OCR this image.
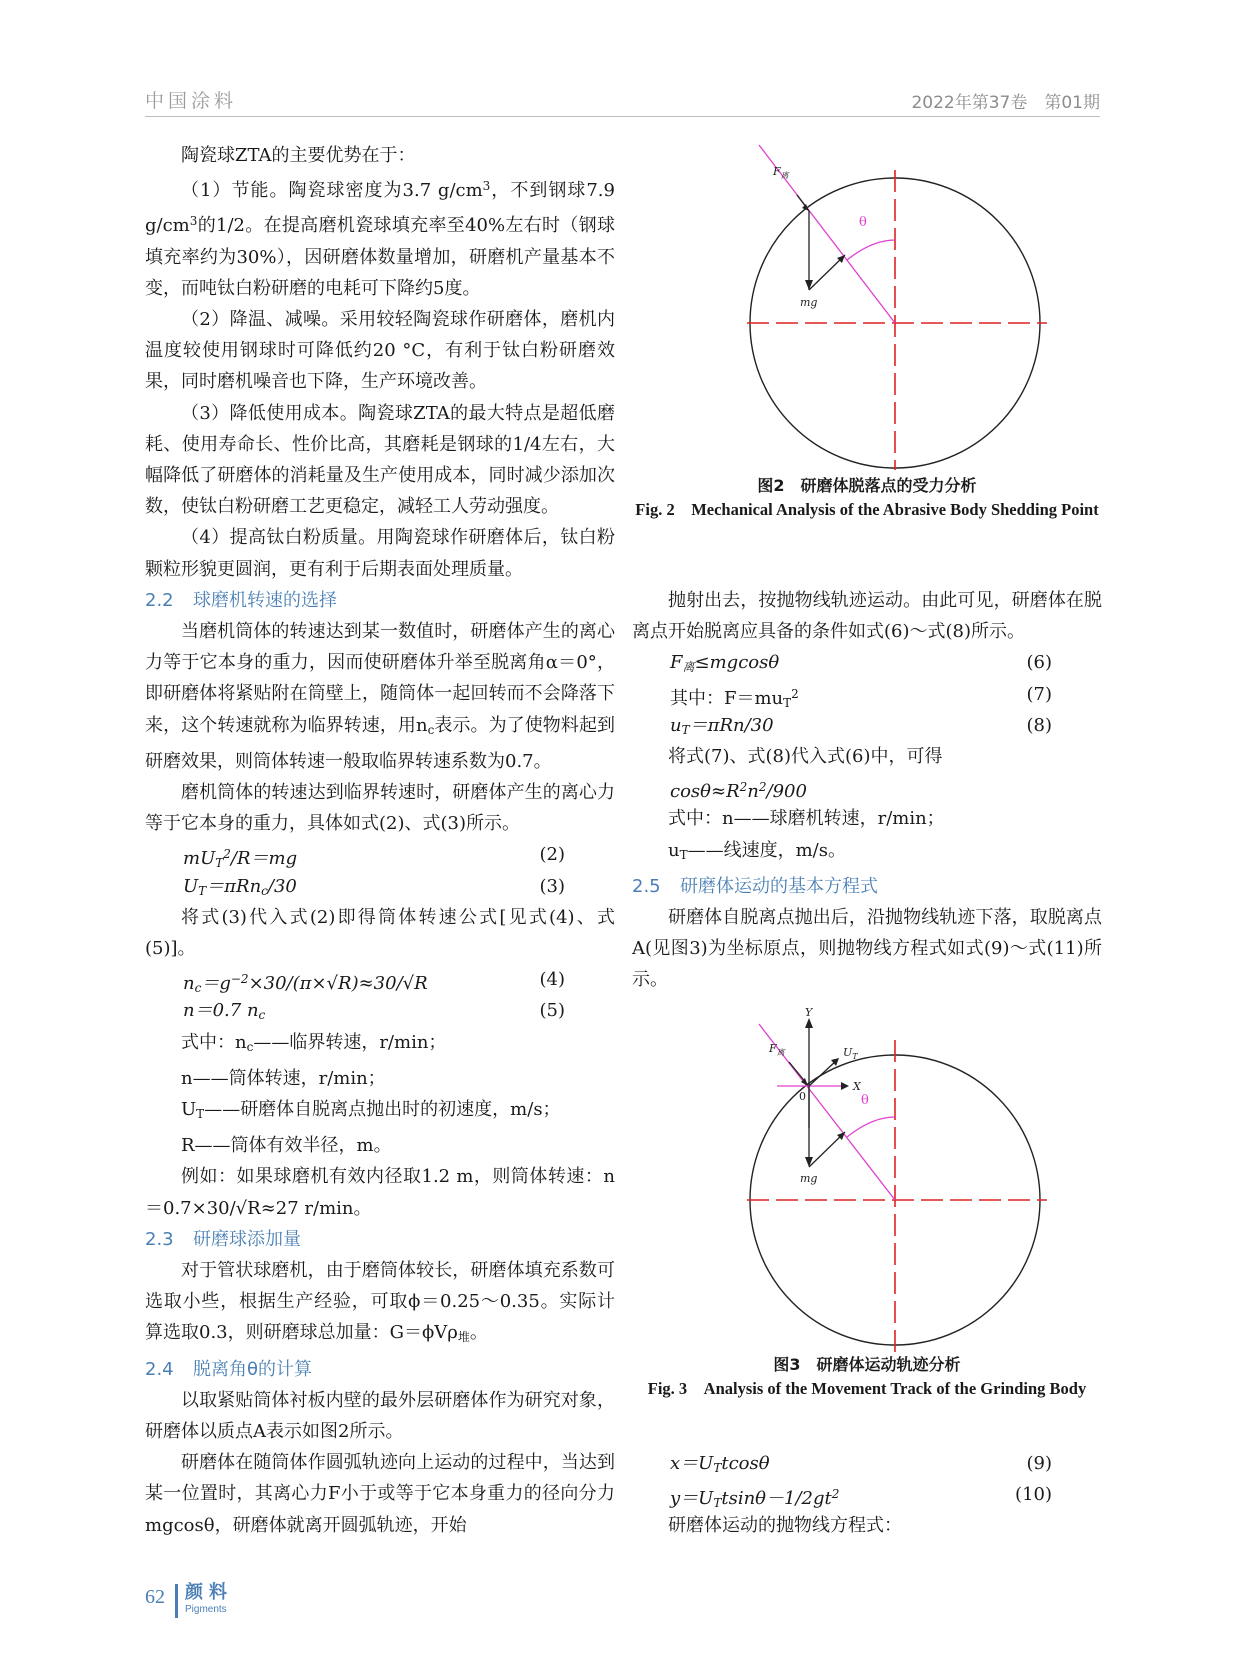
中国涂料	2022年第37卷　第01期

陶瓷球ZTA的主要优势在于：

（1）节能。陶瓷球密度为3.7 $g/cm^3$，不到钢球7.9 $g/cm^3$的1/2。在提高磨机瓷球填充率至40%左右时（钢球填充率约为30%），因研磨体数量增加，研磨机产量基本不变，而吨钛白粉研磨的电耗可下降约5度。

（2）降温、减噪。采用较轻陶瓷球作研磨体，磨机内温度较使用钢球时可降低约20 °C，有利于钛白粉研磨效果，同时磨机噪音也下降，生产环境改善。

（3）降低使用成本。陶瓷球ZTA的最大特点是超低磨耗、使用寿命长、性价比高，其磨耗是钢球的1/4左右，大幅降低了研磨体的消耗量及生产使用成本，同时减少添加次数，使钛白粉研磨工艺更稳定，减轻工人劳动强度。

（4）提高钛白粉质量。用陶瓷球作研磨体后，钛白粉颗粒形貌更圆润，更有利于后期表面处理质量。

2.2 球磨机转速的选择

当磨机筒体的转速达到某一数值时，研磨体产生的离心力等于它本身的重力，因而使研磨体升举至脱离角α＝0°，即研磨体将紧贴附在筒壁上，随筒体一起回转而不会降落下来，这个转速就称为临界转速，用$n_c$表示。为了使物料起到研磨效果，则筒体转速一般取临界转速系数为0.7。

磨机筒体的转速达到临界转速时，研磨体产生的离心力等于它本身的重力，具体如式(2)、式(3)所示。

$mU_T^2/R=mg$	(2)
$U_T=\pi Rn_c/30$	(3)

将式(3)代入式(2)即得筒体转速公式[见式(4)、式(5)]。

$n_c=g^{-2}\times 30/(\pi\times√R)\approx 30/√R$	(4)
n＝0.7 $n_c$	(5)

式中：$n_c——$临界转速，r/min；

n——筒体转速，r/min；

$U_T——$研磨体自脱离点抛出时的初速度，m/s；

R——筒体有效半径，m。

例如：如果球磨机有效内径取1.2 m，则筒体转速：n＝0.7×30/√R≈27 r/min。

2.3 研磨球添加量

对于管状球磨机，由于磨筒体较长，研磨体填充系数可选取小些，根据生产经验，可取ϕ＝0.25～0.35。实际计算选取0.3，则研磨球总加量：G＝ϕVρ$_堆$。

2.4 脱离角θ的计算

以取紧贴筒体衬板内壁的最外层研磨体作为研究对象，研磨体以质点A表示如图2所示。

研磨体在随筒体作圆弧轨迹向上运动的过程中，当达到某一位置时，其离心力F小于或等于它本身重力的径向分力mgcosθ，研磨体就离开圆弧轨迹，开始

$F_离$
θ
mg
图2　研磨体脱落点的受力分析
Fig. 2　Mechanical Analysis of the Abrasive Body Shedding Point

抛射出去，按抛物线轨迹运动。由此可见，研磨体在脱离点开始脱离应具备的条件如式(6)～式(8)所示。

$F_离\le mgcos\theta$	(6)
其中：$F=mu_T^2$	(7)
$u_T=\pi Rn/30$	(8)

将式(7)、式(8)代入式(6)中，可得

$\cos\theta\approx R^2n^2/900$

式中：n——球磨机转速，r/min；

$u_T——$线速度，m/s。

2.5 研磨体运动的基本方程式

研磨体自脱离点抛出后，沿抛物线轨迹下落，取脱离点A(见图3)为坐标原点，则抛物线方程式如式(9)～式(11)所示。

Y
X
0
$F_离$	$U_T$
θ
mg
图3　研磨体运动轨迹分析
Fig. 3　Analysis of the Movement Track of the Grinding Body
$x=U_Ttcos\theta$	(9)
$y=U_Ttsin\theta-1/2gt^2$	(10)

研磨体运动的抛物线方程式：

62 颜料
Pigments
